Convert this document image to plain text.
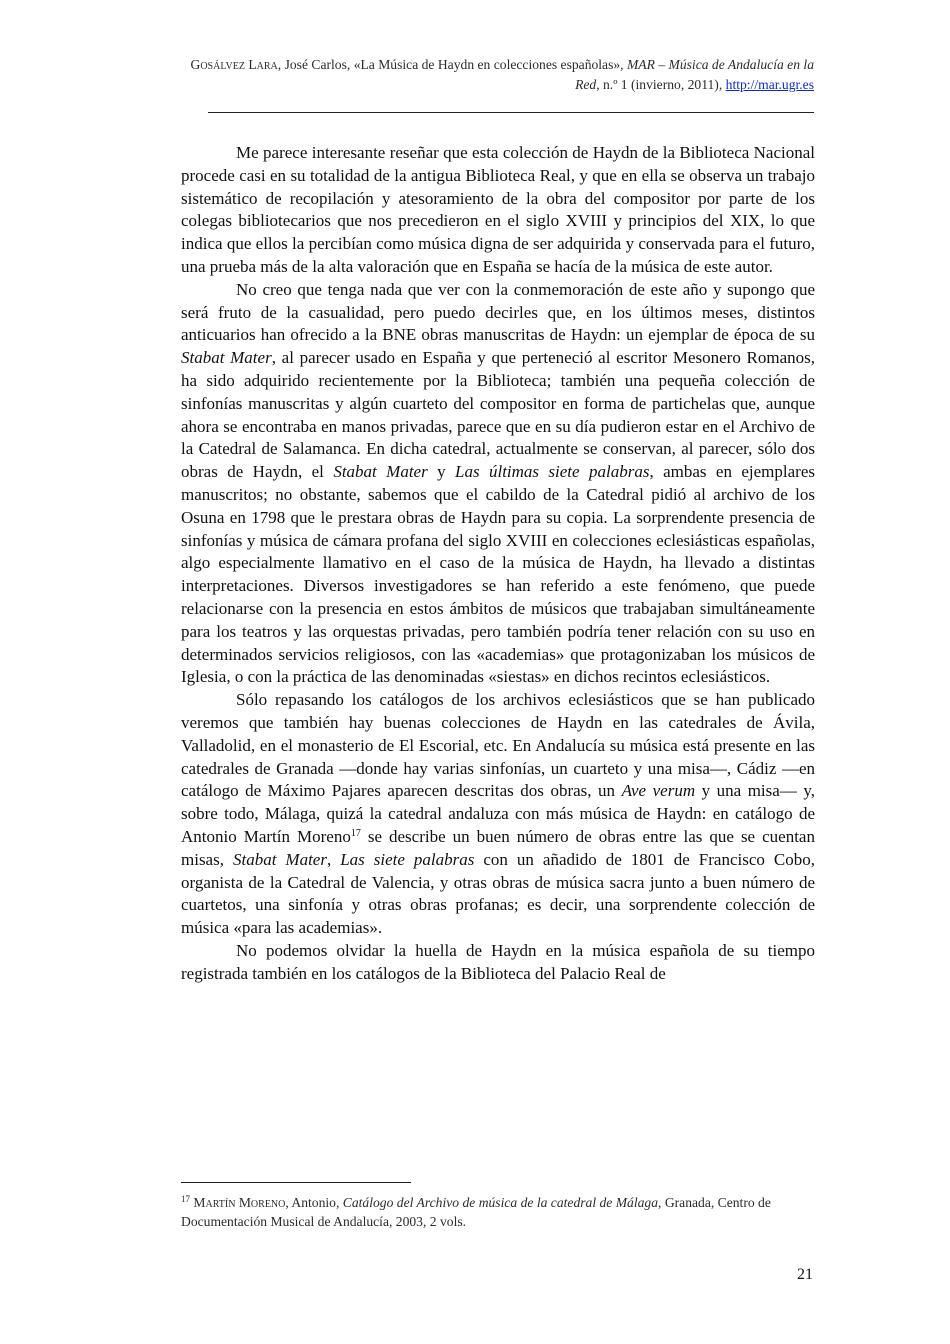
Gosálvez Lara, José Carlos, «La Música de Haydn en colecciones españolas», MAR – Música de Andalucía en la Red, n.º 1 (invierno, 2011), http://mar.ugr.es

Me parece interesante reseñar que esta colección de Haydn de la Biblioteca Nacional procede casi en su totalidad de la antigua Biblioteca Real, y que en ella se observa un trabajo sistemático de recopilación y atesoramiento de la obra del compositor por parte de los colegas bibliotecarios que nos precedieron en el siglo XVIII y principios del XIX, lo que indica que ellos la percibían como música digna de ser adquirida y conservada para el futuro, una prueba más de la alta valoración que en España se hacía de la música de este autor.

No creo que tenga nada que ver con la conmemoración de este año y supongo que será fruto de la casualidad, pero puedo decirles que, en los últimos meses, distintos anticuarios han ofrecido a la BNE obras manuscritas de Haydn: un ejemplar de época de su Stabat Mater, al parecer usado en España y que perteneció al escritor Mesonero Romanos, ha sido adquirido recientemente por la Biblioteca; también una pequeña colección de sinfonías manuscritas y algún cuarteto del compositor en forma de partichelas que, aunque ahora se encontraba en manos privadas, parece que en su día pudieron estar en el Archivo de la Catedral de Salamanca. En dicha catedral, actualmente se conservan, al parecer, sólo dos obras de Haydn, el Stabat Mater y Las últimas siete palabras, ambas en ejemplares manuscritos; no obstante, sabemos que el cabildo de la Catedral pidió al archivo de los Osuna en 1798 que le prestara obras de Haydn para su copia. La sorprendente presencia de sinfonías y música de cámara profana del siglo XVIII en colecciones eclesiásticas españolas, algo especialmente llamativo en el caso de la música de Haydn, ha llevado a distintas interpretaciones. Diversos investigadores se han referido a este fenómeno, que puede relacionarse con la presencia en estos ámbitos de músicos que trabajaban simultáneamente para los teatros y las orquestas privadas, pero también podría tener relación con su uso en determinados servicios religiosos, con las «academias» que protagonizaban los músicos de Iglesia, o con la práctica de las denominadas «siestas» en dichos recintos eclesiásticos.

Sólo repasando los catálogos de los archivos eclesiásticos que se han publicado veremos que también hay buenas colecciones de Haydn en las catedrales de Ávila, Valladolid, en el monasterio de El Escorial, etc. En Andalucía su música está presente en las catedrales de Granada —donde hay varias sinfonías, un cuarteto y una misa—, Cádiz —en catálogo de Máximo Pajares aparecen descritas dos obras, un Ave verum y una misa— y, sobre todo, Málaga, quizá la catedral andaluza con más música de Haydn: en catálogo de Antonio Martín Moreno$^{17}$ se describe un buen número de obras entre las que se cuentan misas, Stabat Mater, Las siete palabras con un añadido de 1801 de Francisco Cobo, organista de la Catedral de Valencia, y otras obras de música sacra junto a buen número de cuartetos, una sinfonía y otras obras profanas; es decir, una sorprendente colección de música «para las academias».

No podemos olvidar la huella de Haydn en la música española de su tiempo registrada también en los catálogos de la Biblioteca del Palacio Real de

$^{17}$ Martín Moreno, Antonio, Catálogo del Archivo de música de la catedral de Málaga, Granada, Centro de Documentación Musical de Andalucía, 2003, 2 vols.
21
